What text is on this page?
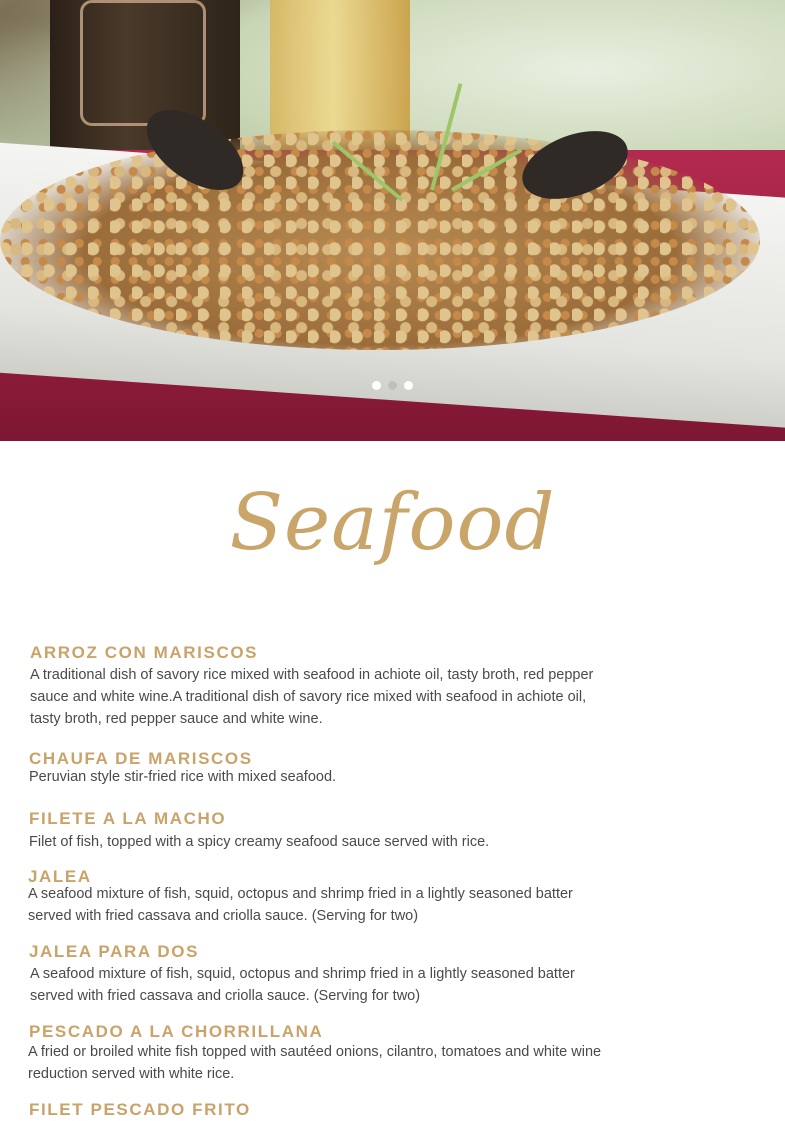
Seafood
ARROZ CON MARISCOS
A traditional dish of savory rice mixed with seafood in achiote oil, tasty broth, red pepper sauce and white wine.A traditional dish of savory rice mixed with seafood in achiote oil, tasty broth, red pepper sauce and white wine.
CHAUFA DE MARISCOS
Peruvian style stir-fried rice with mixed seafood.
FILETE A LA MACHO
Filet of fish, topped with a spicy creamy seafood sauce served with rice.
JALEA
A seafood mixture of fish, squid, octopus and shrimp fried in a lightly seasoned batter served with fried cassava and criolla sauce. (Serving for two)
JALEA PARA DOS
A seafood mixture of fish, squid, octopus and shrimp fried in a lightly seasoned batter served with fried cassava and criolla sauce. (Serving for two)
PESCADO A LA CHORRILLANA
A fried or broiled white fish topped with sautéed onions, cilantro, tomatoes and white wine reduction served with white rice.
FILET PESCADO FRITO
